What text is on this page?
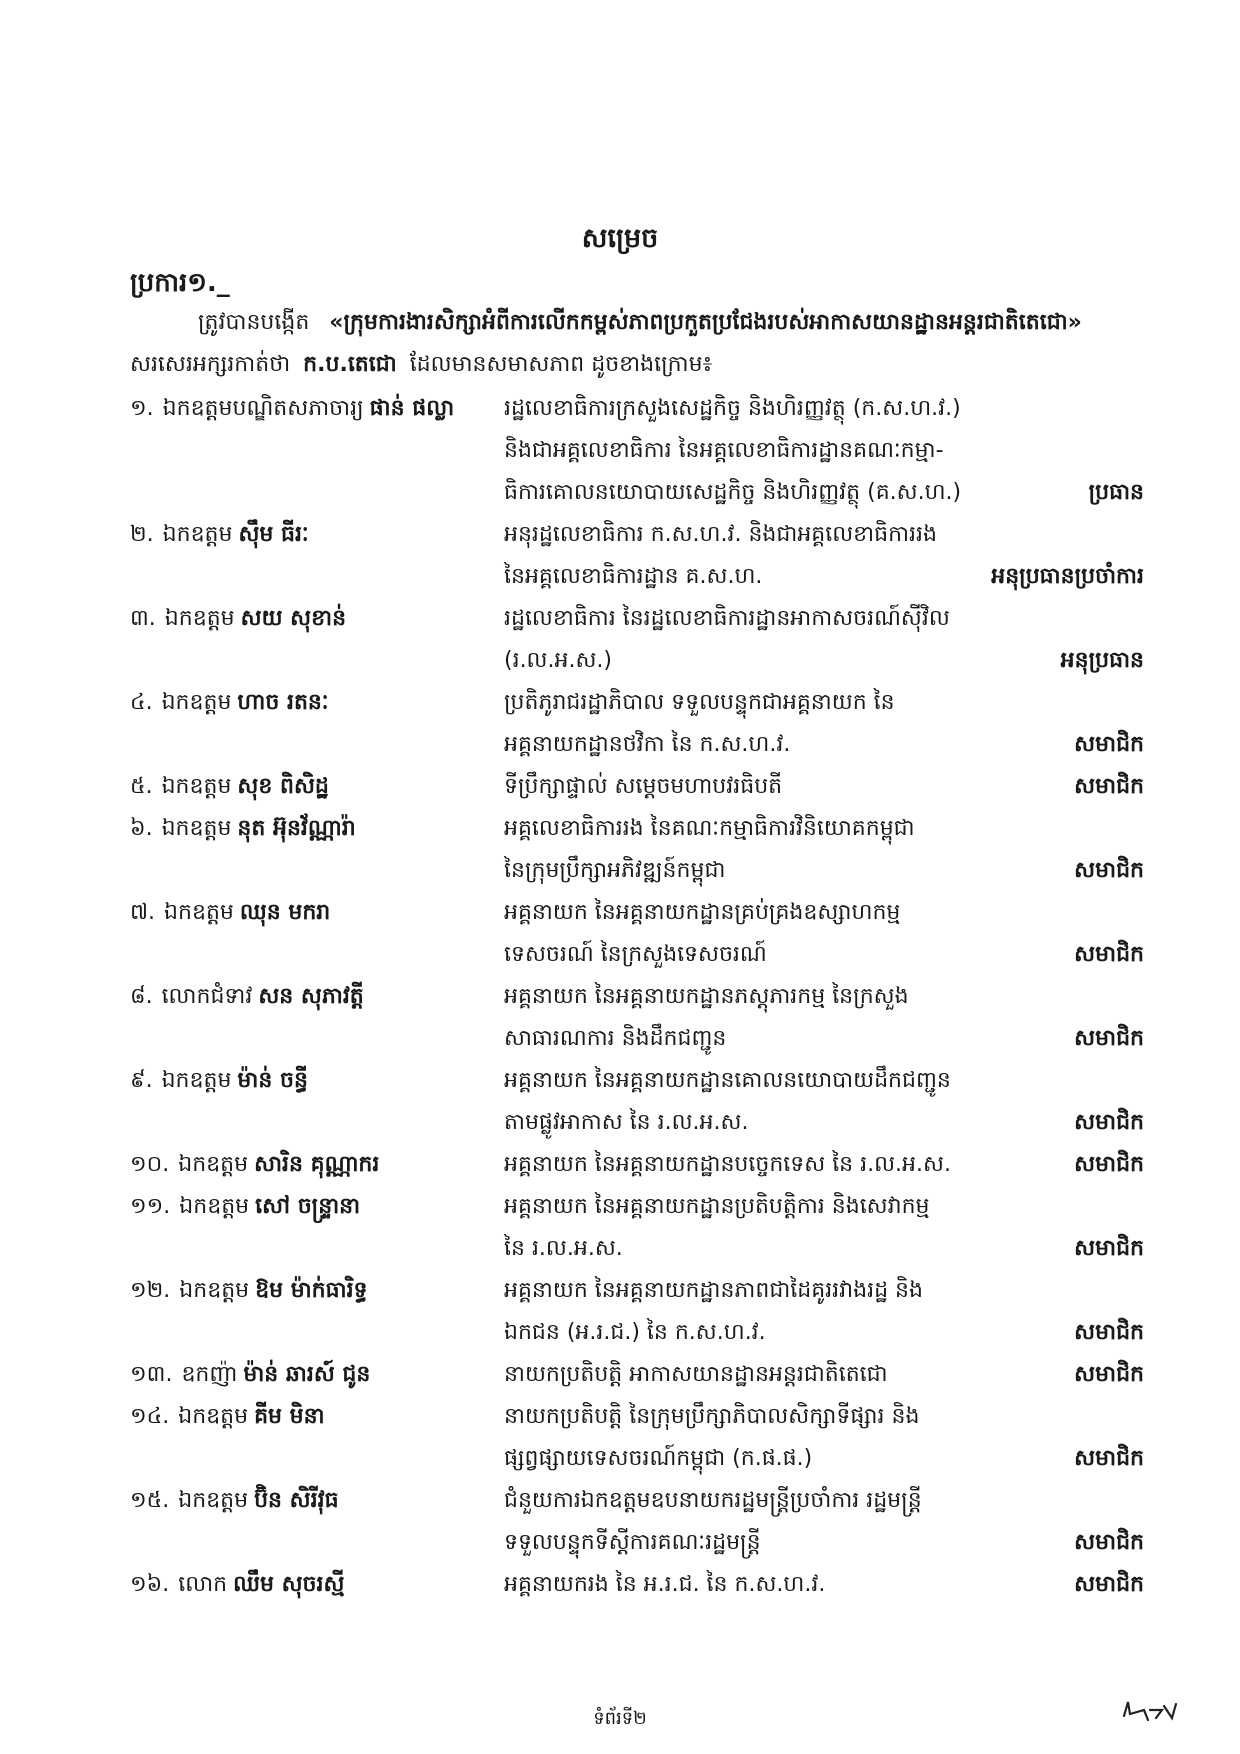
សម្រេច
ប្រការ១._
ត្រូវបានបង្កើត «ក្រុមការងារសិក្សាអំពីការលើកកម្ពស់ភាពប្រកួតប្រជែងរបស់អាកាសយានដ្ឋានអន្តរជាតិតេជោ»
សរសេរអក្សរកាត់ថា ក.ប.តេជោ ដែលមានសមាសភាព ដូចខាងក្រោម៖
១. ឯកឧត្តមបណ្ឌិតសភាចារ្យ ផាន់ ផល្លា	រដ្ឋលេខាធិការក្រសួងសេដ្ឋកិច្ច និងហិរញ្ញវត្ថុ (ក.ស.ហ.វ.)
និងជាអគ្គលេខាធិការ នៃអគ្គលេខាធិការដ្ឋានគណៈកម្មា-
ធិការគោលនយោបាយសេដ្ឋកិច្ច និងហិរញ្ញវត្ថុ (គ.ស.ហ.)	ប្រធាន
២. ឯកឧត្តម ស៊ឹម ធីរៈ	អនុរដ្ឋលេខាធិការ ក.ស.ហ.វ. និងជាអគ្គលេខាធិការរង
នៃអគ្គលេខាធិការដ្ឋាន គ.ស.ហ.	អនុប្រធានប្រចាំការ
៣. ឯកឧត្តម សយ សុខាន់	រដ្ឋលេខាធិការ នៃរដ្ឋលេខាធិការដ្ឋានអាកាសចរណ៍ស៊ីវិល
(រ.ល.អ.ស.)	អនុប្រធាន
៤. ឯកឧត្តម ហាច រតនៈ	ប្រតិភូរាជរដ្ឋាភិបាល ទទួលបន្ទុកជាអគ្គនាយក នៃ
អគ្គនាយកដ្ឋានថវិកា នៃ ក.ស.ហ.វ.	សមាជិក
៥. ឯកឧត្តម សុខ ពិសិដ្ឋ	ទីប្រឹក្សាផ្ទាល់ សម្តេចមហាបវរធិបតី	សមាជិក
៦. ឯកឧត្តម នុត អ៊ុនវ័ណ្ណារ៉ា	អគ្គលេខាធិការរង នៃគណៈកម្មាធិការវិនិយោគកម្ពុជា
នៃក្រុមប្រឹក្សាអភិវឌ្ឍន៍កម្ពុជា	សមាជិក
៧. ឯកឧត្តម ឈុន មករា	អគ្គនាយក នៃអគ្គនាយកដ្ឋានគ្រប់គ្រងឧស្សាហកម្ម
ទេសចរណ៍ នៃក្រសួងទេសចរណ៍	សមាជិក
៨. លោកជំទាវ សន សុភាវត្តី	អគ្គនាយក នៃអគ្គនាយកដ្ឋានភស្តុភារកម្ម នៃក្រសួង
សាធារណការ និងដឹកជញ្ជូន	សមាជិក
៩. ឯកឧត្តម ម៉ាន់ ចន្ធី	អគ្គនាយក នៃអគ្គនាយកដ្ឋានគោលនយោបាយដឹកជញ្ជូន
តាមផ្លូវអាកាស នៃ រ.ល.អ.ស.	សមាជិក
១០. ឯកឧត្តម សារិន គុណ្ណាករ	អគ្គនាយក នៃអគ្គនាយកដ្ឋានបច្ចេកទេស នៃ រ.ល.អ.ស.	សមាជិក
១១. ឯកឧត្តម សៅ ចន្ទ្រានា	អគ្គនាយក នៃអគ្គនាយកដ្ឋានប្រតិបត្តិការ និងសេវាកម្ម
នៃ រ.ល.អ.ស.	សមាជិក
១២. ឯកឧត្តម ឱម ម៉ាក់ធារិទ្ធ	អគ្គនាយក នៃអគ្គនាយកដ្ឋានភាពជាដៃគូររវាងរដ្ឋ និង
ឯកជន (អ.រ.ជ.) នៃ ក.ស.ហ.វ.	សមាជិក
១៣. ឧកញ៉ា ម៉ាន់ ឆារស៍ ជូន	នាយកប្រតិបត្តិ អាកាសយានដ្ឋានអន្តរជាតិតេជោ	សមាជិក
១៤. ឯកឧត្តម គីម មិនា	នាយកប្រតិបត្តិ នៃក្រុមប្រឹក្សាភិបាលសិក្សាទីផ្សារ និង
ផ្សព្វផ្សាយទេសចរណ៍កម្ពុជា (ក.ផ.ផ.)	សមាជិក
១៥. ឯកឧត្តម ប៊ិន សិរីវុធ	ជំនួយការឯកឧត្តមឧបនាយករដ្ឋមន្ត្រីប្រចាំការ រដ្ឋមន្ត្រី
ទទួលបន្ទុកទីស្តីការគណៈរដ្ឋមន្ត្រី	សមាជិក
១៦. លោក ឈឹម សុចរស្មី	អគ្គនាយករង នៃ អ.រ.ជ. នៃ ក.ស.ហ.វ.	សមាជិក
ទំព័រទី២
